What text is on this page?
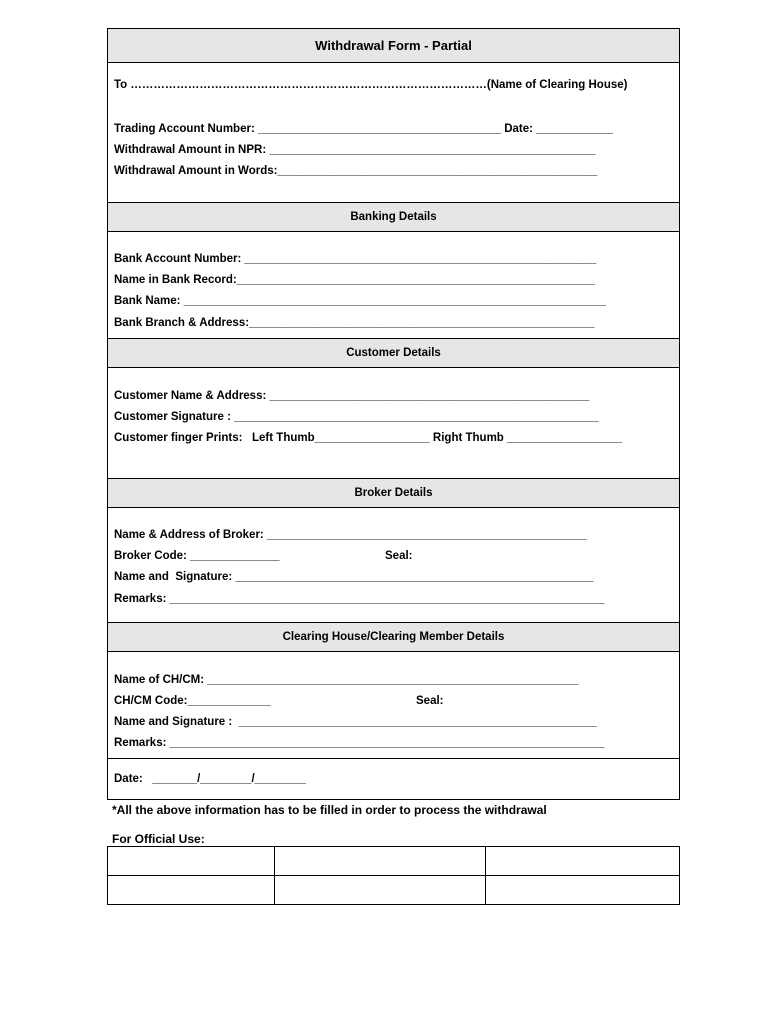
Withdrawal Form - Partial
To …………………………………………………………………………………(Name of Clearing House)
Trading Account Number: ______________________________________ Date: ____________
Withdrawal Amount in NPR: ___________________________________________________
Withdrawal Amount in Words:__________________________________________________
Banking Details
Bank Account Number: _______________________________________________________
Name in Bank Record:________________________________________________________
Bank Name: __________________________________________________________________
Bank Branch & Address:______________________________________________________
Customer Details
Customer Name & Address: __________________________________________________
Customer Signature : _________________________________________________________
Customer finger Prints:   Left Thumb__________________ Right Thumb __________________
Broker Details
Name & Address of Broker: __________________________________________________
Broker Code: ______________	Seal:
Name and  Signature: ________________________________________________________
Remarks: ____________________________________________________________________
Clearing House/Clearing Member Details
Name of CH/CM: __________________________________________________________
CH/CM Code:_____________	Seal:
Name and Signature :  ________________________________________________________
Remarks: ____________________________________________________________________
Date:   _______/________/________
*All the above information has to be filled in order to process the withdrawal
For Official Use:
